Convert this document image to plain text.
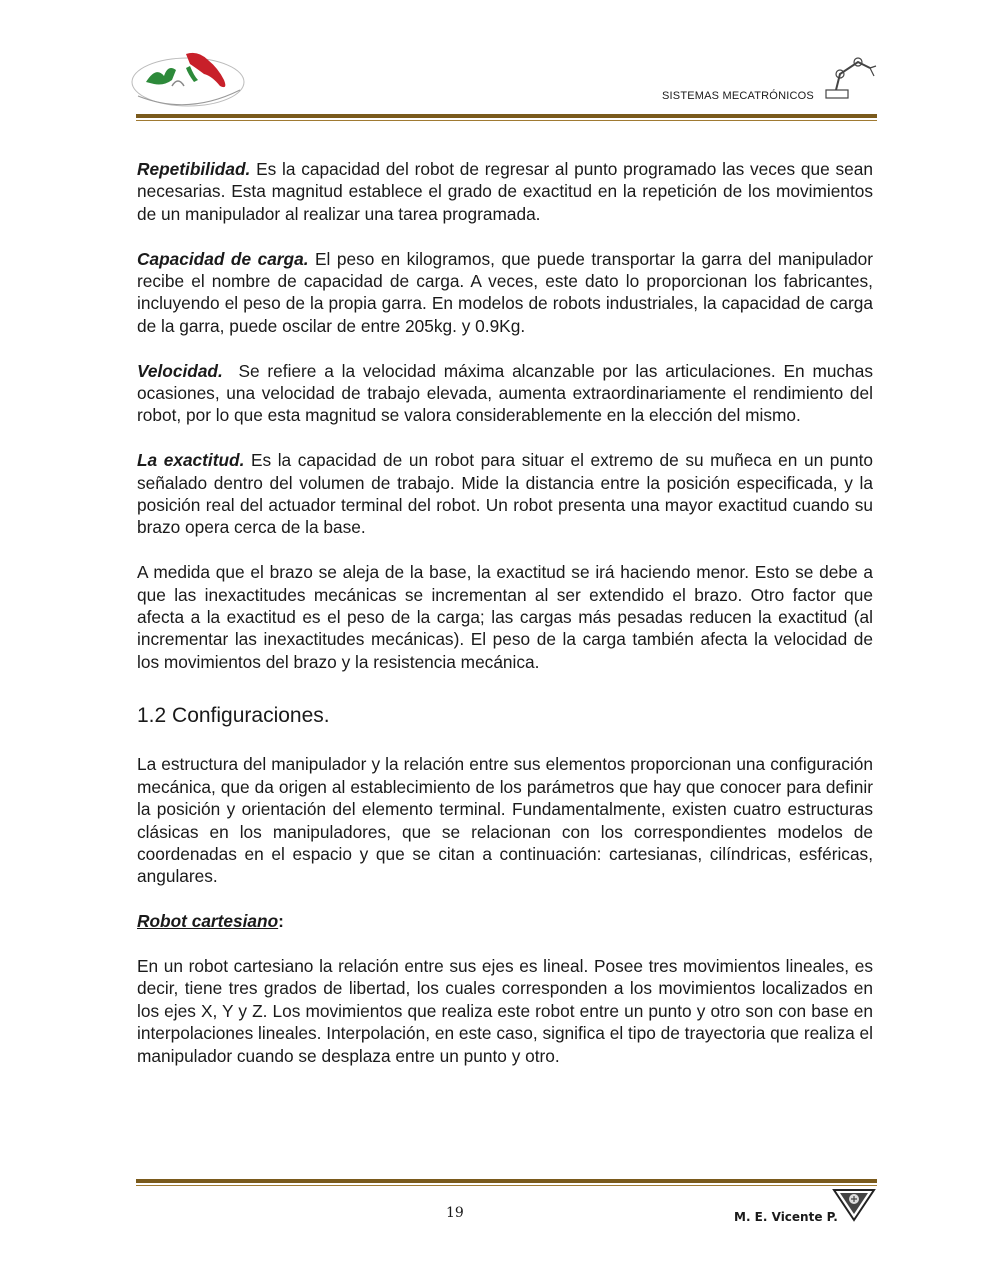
SISTEMAS MECATRÓNICOS

Repetibilidad. Es la capacidad del robot de regresar al punto programado las veces que sean necesarias. Esta magnitud establece el grado de exactitud en la repetición de los movimientos de un manipulador al realizar una tarea programada.

Capacidad de carga. El peso en kilogramos, que puede transportar la garra del manipulador recibe el nombre de capacidad de carga. A veces, este dato lo proporcionan los fabricantes, incluyendo el peso de la propia garra. En modelos de robots industriales, la capacidad de carga de la garra, puede oscilar de entre 205kg. y 0.9Kg.

Velocidad.  Se refiere a la velocidad máxima alcanzable por las articulaciones. En muchas ocasiones, una velocidad de trabajo elevada, aumenta extraordinariamente el rendimiento del robot, por lo que esta magnitud se valora considerablemente en la elección del mismo.

La exactitud. Es la capacidad de un robot para situar el extremo de su muñeca en un punto señalado dentro del volumen de trabajo. Mide la distancia entre la posición especificada, y la posición real del actuador terminal del robot. Un robot presenta una mayor exactitud cuando su brazo opera cerca de la base.

A medida que el brazo se aleja de la base, la exactitud se irá haciendo menor. Esto se debe a que las inexactitudes mecánicas se incrementan al ser extendido el brazo. Otro factor que afecta a la exactitud es el peso de la carga; las cargas más pesadas reducen la exactitud (al incrementar las inexactitudes mecánicas). El peso de la carga también afecta la velocidad de los movimientos del brazo y la resistencia mecánica.

1.2 Configuraciones.

La estructura del manipulador y la relación entre sus elementos proporcionan una configuración mecánica, que da origen al establecimiento de los parámetros que hay que conocer para definir la posición y orientación del elemento terminal. Fundamentalmente, existen cuatro estructuras clásicas en los manipuladores, que se relacionan con los correspondientes modelos de coordenadas en el espacio y que se citan a continuación: cartesianas, cilíndricas, esféricas, angulares.

Robot cartesiano:

En un robot cartesiano la relación entre sus ejes es lineal. Posee tres movimientos lineales, es decir, tiene tres grados de libertad, los cuales corresponden a los movimientos localizados en los ejes X, Y y Z. Los movimientos que realiza este robot entre un punto y otro son con base en interpolaciones lineales. Interpolación, en este caso, significa el tipo de trayectoria que realiza el manipulador cuando se desplaza entre un punto y otro.

19	M. E. Vicente P.
